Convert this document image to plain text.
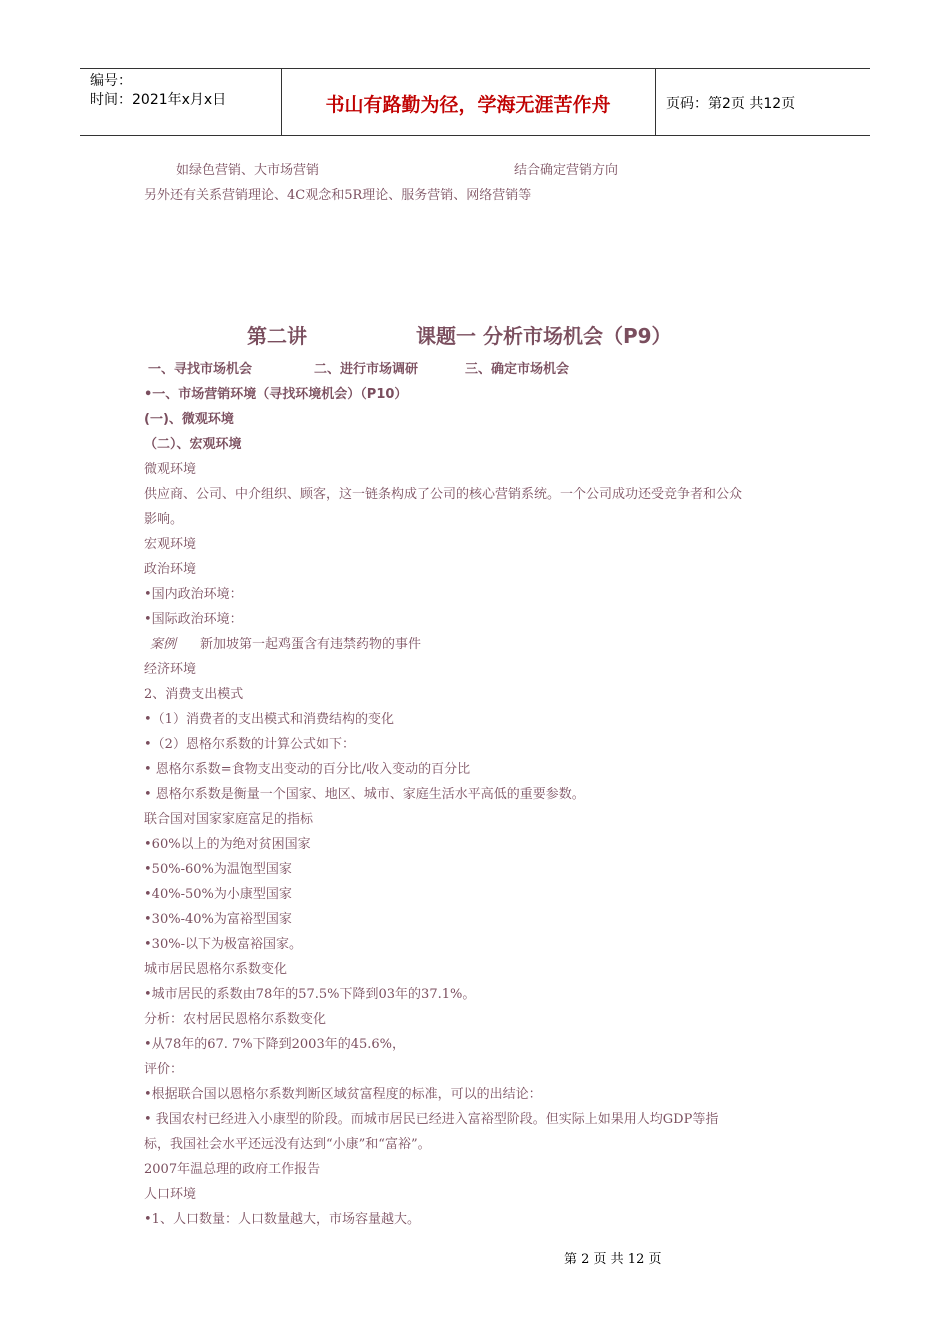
编号：
时间：2021年x月x日	书山有路勤为径，学海无涯苦作舟	页码：第2页 共12页
如绿色营销、大市场营销	结合确定营销方向
另外还有关系营销理论、4C观念和5R理论、服务营销、网络营销等
第二讲	课题一 分析市场机会（P9）
一、寻找市场机会	二、进行市场调研	三、确定市场机会
•一、市场营销环境（寻找环境机会）（P10）
(一)、微观环境
（二）、宏观环境
微观环境
供应商、公司、中介组织、顾客，这一链条构成了公司的核心营销系统。一个公司成功还受竞争者和公众
影响。
宏观环境
政治环境
•国内政治环境：
•国际政治环境：
案例 新加坡第一起鸡蛋含有违禁药物的事件
经济环境
2、消费支出模式
•（1）消费者的支出模式和消费结构的变化
•（2）恩格尔系数的计算公式如下：
• 恩格尔系数=食物支出变动的百分比/收入变动的百分比
• 恩格尔系数是衡量一个国家、地区、城市、家庭生活水平高低的重要参数。
联合国对国家家庭富足的指标
•60%以上的为绝对贫困国家
•50%-60%为温饱型国家
•40%-50%为小康型国家
•30%-40%为富裕型国家
•30%-以下为极富裕国家。
城市居民恩格尔系数变化
•城市居民的系数由78年的57.5%下降到03年的37.1%。
分析：农村居民恩格尔系数变化
•从78年的67. 7%下降到2003年的45.6%，
评价：
•根据联合国以恩格尔系数判断区域贫富程度的标准，可以的出结论：
• 我国农村已经进入小康型的阶段。而城市居民已经进入富裕型阶段。但实际上如果用人均GDP等指
标，我国社会水平还远没有达到“小康”和“富裕”。
2007年温总理的政府工作报告
人口环境
•1、人口数量：人口数量越大，市场容量越大。
第 2 页 共 12 页
